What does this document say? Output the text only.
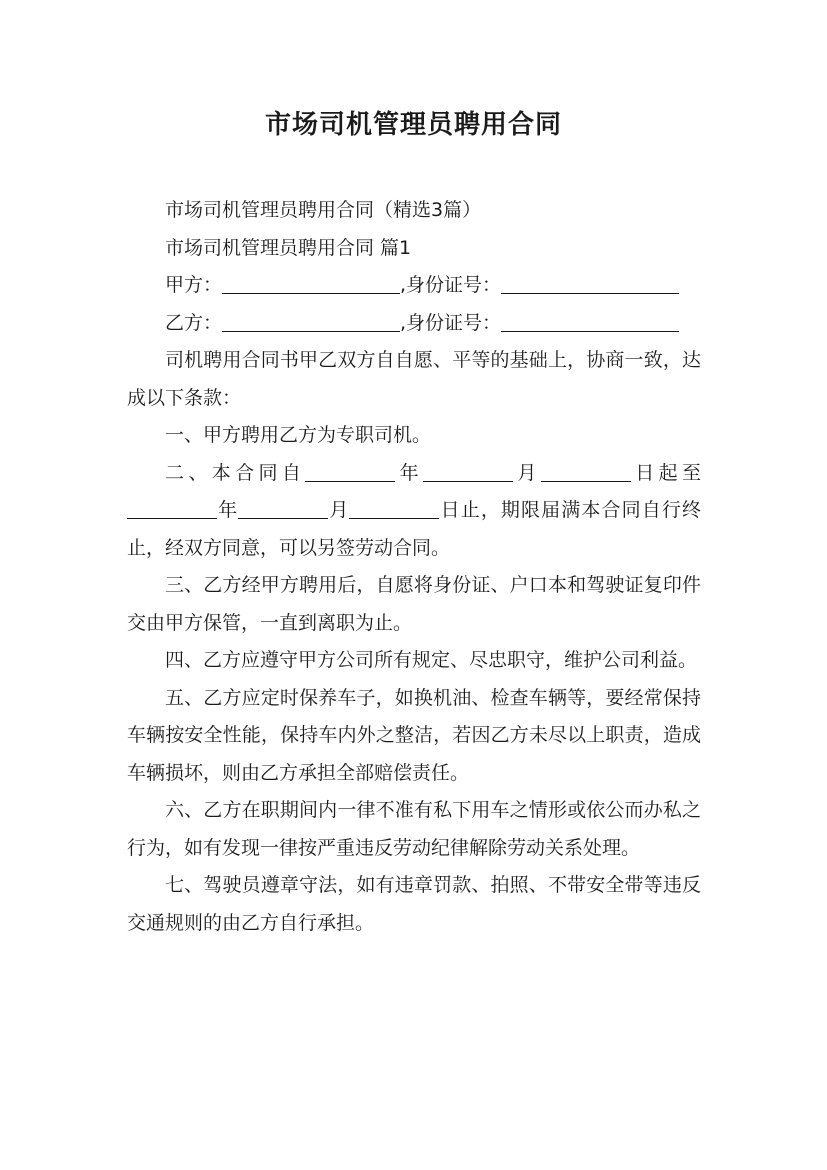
市场司机管理员聘用合同

市场司机管理员聘用合同（精选3篇）

市场司机管理员聘用合同 篇1

甲方：	,身份证号：

乙方：	,身份证号：

司机聘用合同书甲乙双方自自愿、平等的基础上，协商一致，达成以下条款：

一、甲方聘用乙方为专职司机。

二、本合同自	年	月	日起至年	月	日止，期限届满本合同自行终止，经双方同意，可以另签劳动合同。

三、乙方经甲方聘用后，自愿将身份证、户口本和驾驶证复印件交由甲方保管，一直到离职为止。

四、乙方应遵守甲方公司所有规定、尽忠职守，维护公司利益。

五、乙方应定时保养车子，如换机油、检查车辆等，要经常保持车辆按安全性能，保持车内外之整洁，若因乙方未尽以上职责，造成车辆损坏，则由乙方承担全部赔偿责任。

六、乙方在职期间内一律不准有私下用车之情形或依公而办私之行为，如有发现一律按严重违反劳动纪律解除劳动关系处理。

七、驾驶员遵章守法，如有违章罚款、拍照、不带安全带等违反交通规则的由乙方自行承担。
